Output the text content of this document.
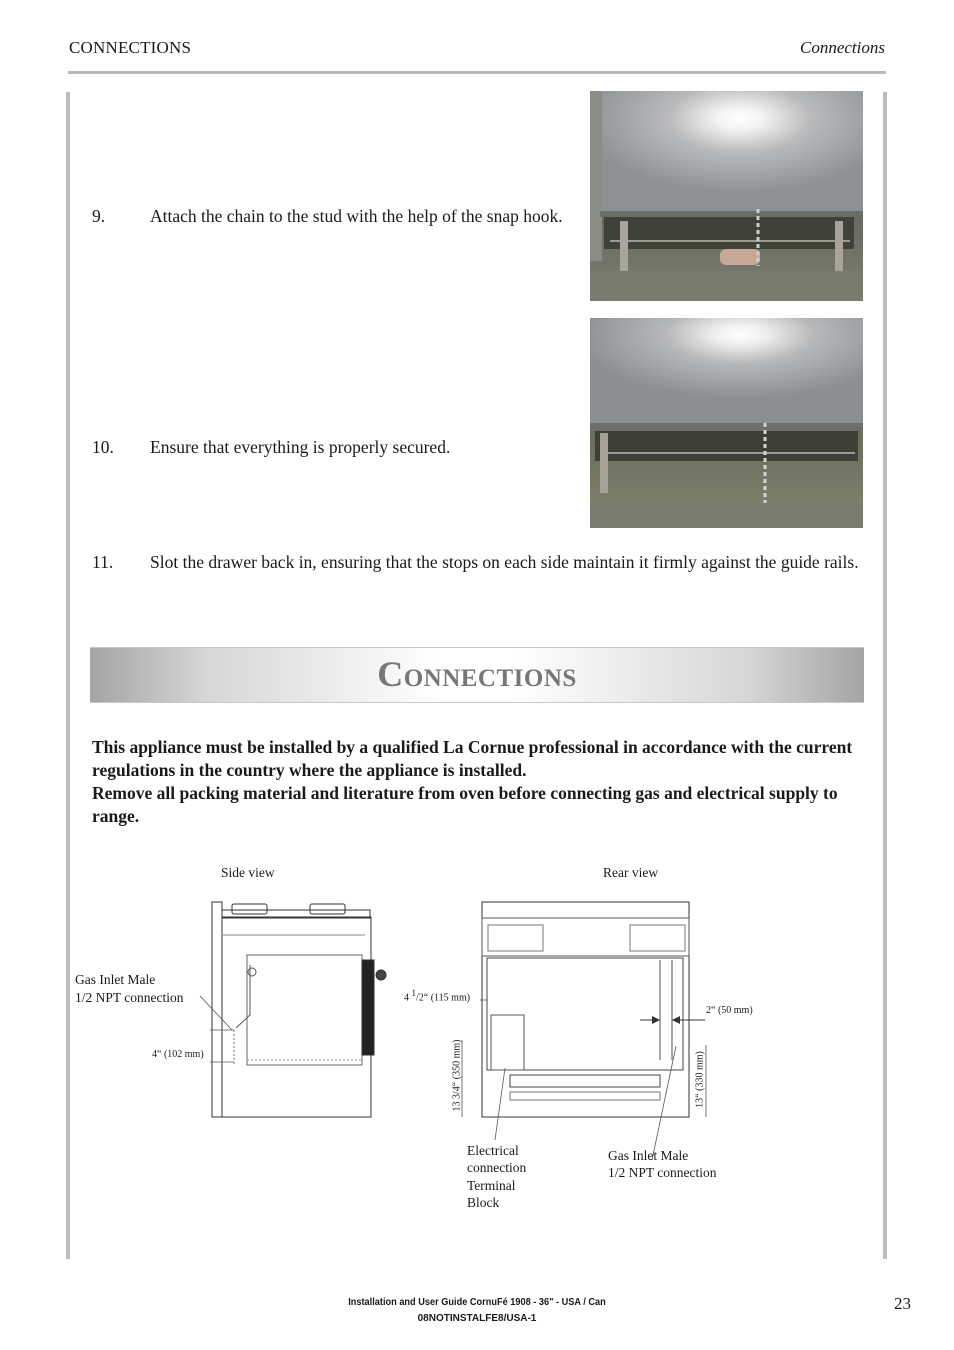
CONNECTIONS	Connections
9.	Attach the chain to the stud with the help of the snap hook.
10. Ensure that everything is properly secured.
11. Slot the drawer back in, ensuring that the stops on each side maintain it firmly against the guide rails.
Connections

This appliance must be installed by a qualified La Cornue professional in accordance with the current regulations in the country where the appliance is installed.

Remove all packing material and literature from oven before connecting gas and electrical supply to range.

Side view	Rear view
Gas Inlet Male
1/2 NPT connection
4“ (102 mm)
4 $^1$/2“ (115 mm)
2“ (50 mm)
13 3/4“ (350 mm)	13“ (330 mm)
Electrical
connection
Terminal
Block
Gas Inlet Male
1/2 NPT connection
Installation and User Guide CornuFé 1908 - 36" - USA / Can
08NOTINSTALFE8/USA-1
23
